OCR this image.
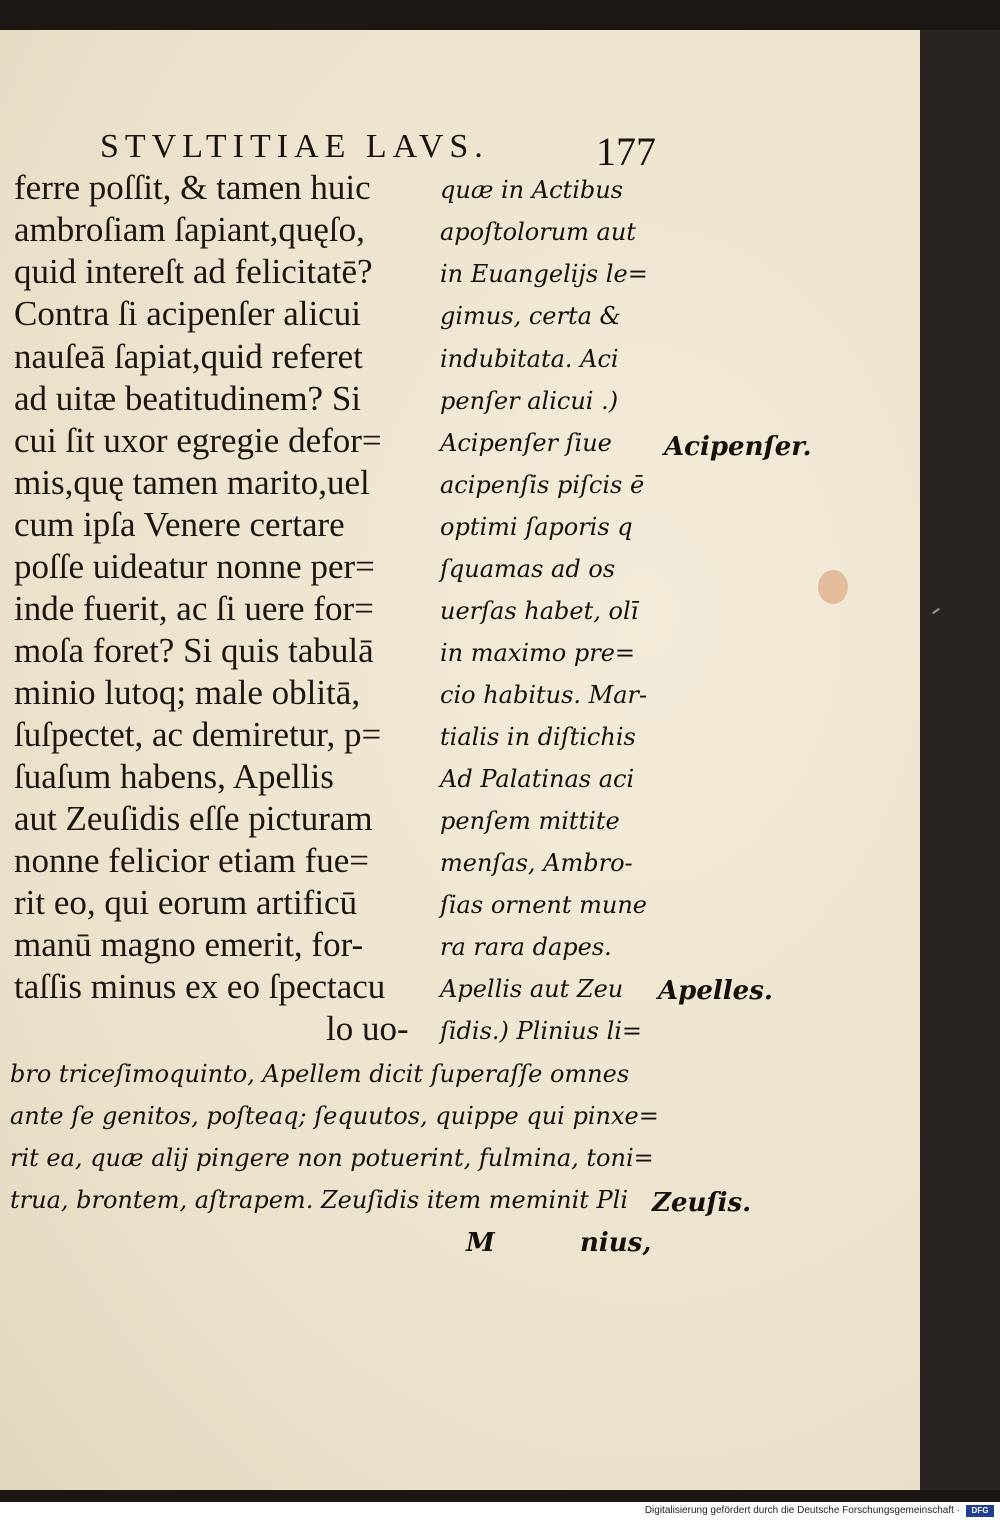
STVLTITIAE LAVS.	177
ferre poſſit, & tamen huic
ambroſiam ſapiant,quęſo,
quid intereſt ad felicitatē?
Contra ſi acipenſer alicui
nauſeā ſapiat,quid referet
ad uitæ beatitudinem? Si
cui ſit uxor egregie defor=
mis,quę tamen marito,uel
cum ipſa Venere certare
poſſe uideatur nonne per=
inde fuerit, ac ſi uere for=
moſa foret? Si quis tabulā
minio lutoq; male oblitā,
ſuſpectet, ac demiretur, p=
ſuaſum habens, Apellis
aut Zeuſidis eſſe picturam
nonne felicior etiam fue=
rit eo, qui eorum artificū
manū magno emerit, for-
taſſis minus ex eo ſpectacu
lo uo-
quæ in Actibus
apoſtolorum aut
in Euangelijs le=
gimus, certa &
indubitata. Aci
penſer alicui .)
Acipenſer ſiue
acipenſis piſcis ē
optimi ſaporis q
ſquamas ad os
uerſas habet, olī
in maximo pre=
cio habitus. Mar-
tialis in diſtichis
Ad Palatinas aci
penſem mittite
menſas, Ambro-
ſias ornent mune
ra rara dapes.
Apellis aut Zeu
ſidis.) Plinius li=
bro triceſimoquinto, Apellem dicit ſuperaſſe omnes
ante ſe genitos, poſteaq; ſequutos, quippe qui pinxe=
rit ea, quæ alij pingere non potuerint, fulmina, toni=
trua, brontem, aſtrapem. Zeuſidis item meminit Pli
Acipenſer.
Apelles.
Zeuſis.
M	nius,
Digitalisierung gefördert durch die Deutsche Forschungsgemeinschaft ·	DFG
